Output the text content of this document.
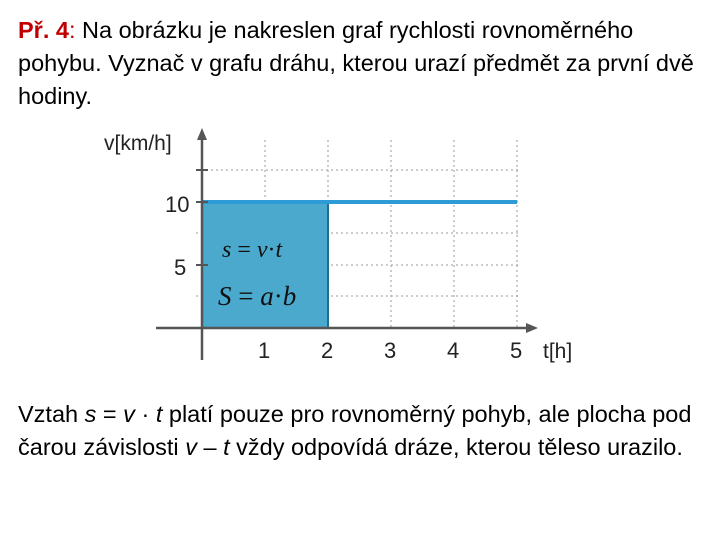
Př. 4: Na obrázku je nakreslen graf rychlosti rovnoměrného pohybu. Vyznač v grafu dráhu, kterou urazí předmět za první dvě hodiny.
v[km/h]
t[h]
10
5
1 2 3 4 5
s = v·t
S = a·b
Vztah s = v · t platí pouze pro rovnoměrný pohyb, ale plocha pod čarou závislosti v – t vždy odpovídá dráze, kterou těleso urazilo.
